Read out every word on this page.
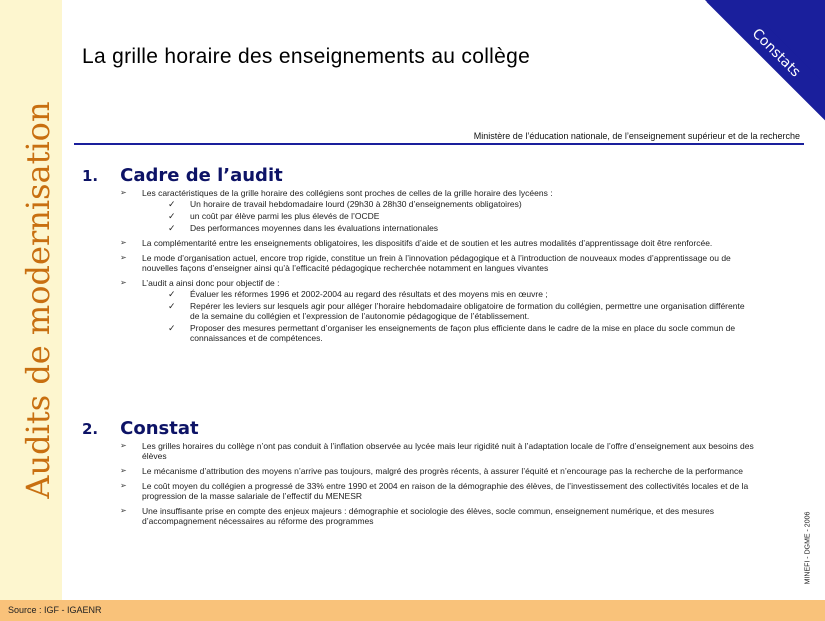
Audits de modernisation
Constats
La grille horaire des enseignements au collège
Ministère de l’éducation nationale, de l’enseignement supérieur et de la recherche
1. Cadre de l’audit
➢ Les caractéristiques de la grille horaire des collégiens sont proches de celles de la grille horaire des lycéens :
✓ Un horaire de travail hebdomadaire lourd (29h30 à 28h30 d’enseignements obligatoires)
✓ un coût par élève parmi les plus élevés de l’OCDE
✓ Des performances moyennes dans les évaluations internationales
➢ La complémentarité entre les enseignements obligatoires, les dispositifs d’aide et de soutien et les autres modalités d’apprentissage doit être renforcée.
➢ Le mode d’organisation actuel, encore trop rigide, constitue un frein à l’innovation pédagogique et à l’introduction de nouveaux modes d’apprentissage ou de nouvelles façons d’enseigner ainsi qu’à l’efficacité pédagogique recherchée notamment en langues vivantes
➢ L’audit a ainsi donc pour objectif de :
✓ Évaluer les réformes 1996 et 2002-2004 au regard des résultats et des moyens mis en œuvre ;
✓ Repérer les leviers sur lesquels agir pour alléger l’horaire hebdomadaire obligatoire de formation du collégien, permettre une organisation différente de la semaine du collégien et l’expression de l’autonomie pédagogique de l’établissement.
✓ Proposer des mesures permettant d’organiser les enseignements de façon plus efficiente dans le cadre de la mise en place du socle commun de connaissances et de compétences.
2. Constat
➢ Les grilles horaires du collège n’ont pas conduit à l’inflation observée au lycée mais leur rigidité nuit à l’adaptation locale de l’offre d’enseignement aux besoins des élèves
➢ Le mécanisme d’attribution des moyens n’arrive pas toujours, malgré des progrès récents, à assurer l’équité et n’encourage pas la recherche de la performance
➢ Le coût moyen du collégien a progressé de 33% entre 1990 et 2004 en raison de la démographie des élèves, de l’investissement des collectivités locales et de la progression de la masse salariale de l’effectif du MENESR
➢ Une insuffisante prise en compte des enjeux majeurs : démographie et sociologie des élèves, socle commun, enseignement numérique, et des mesures d’accompagnement nécessaires au réforme des programmes	MINEFI - DGME - 2006
Source : IGF - IGAENR
